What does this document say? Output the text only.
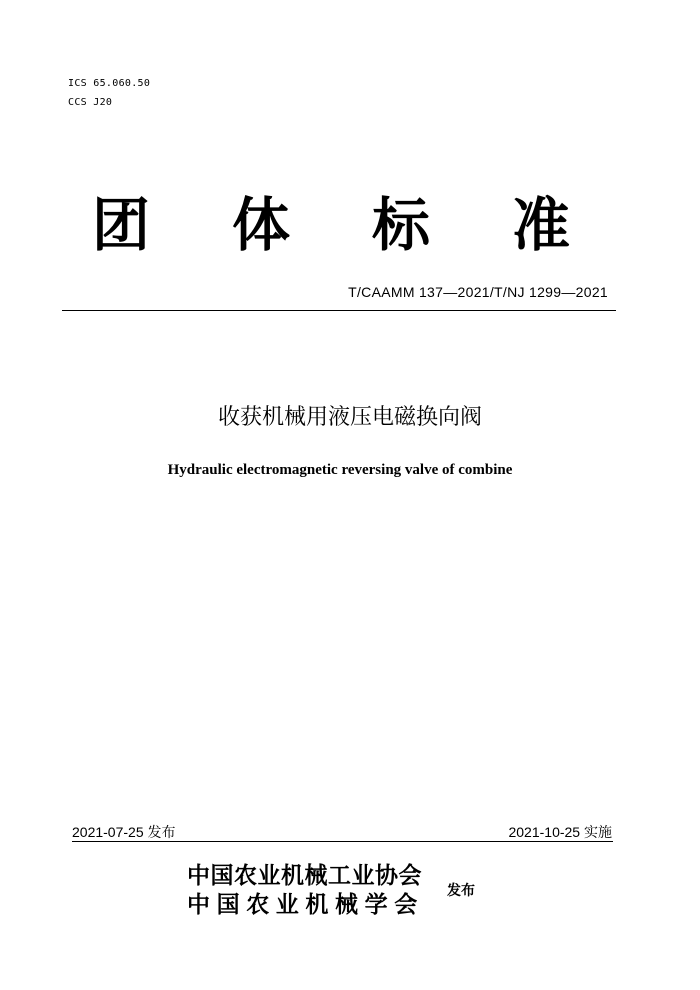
ICS 65.060.50
CCS J20
团 体 标 准
T/CAAMM 137—2021/T/NJ 1299—2021
收获机械用液压电磁换向阀
Hydraulic electromagnetic reversing valve of combine
2021-07-25 发布	2021-10-25 实施
中国农业机械工业协会
中国农业机械学会 发布
